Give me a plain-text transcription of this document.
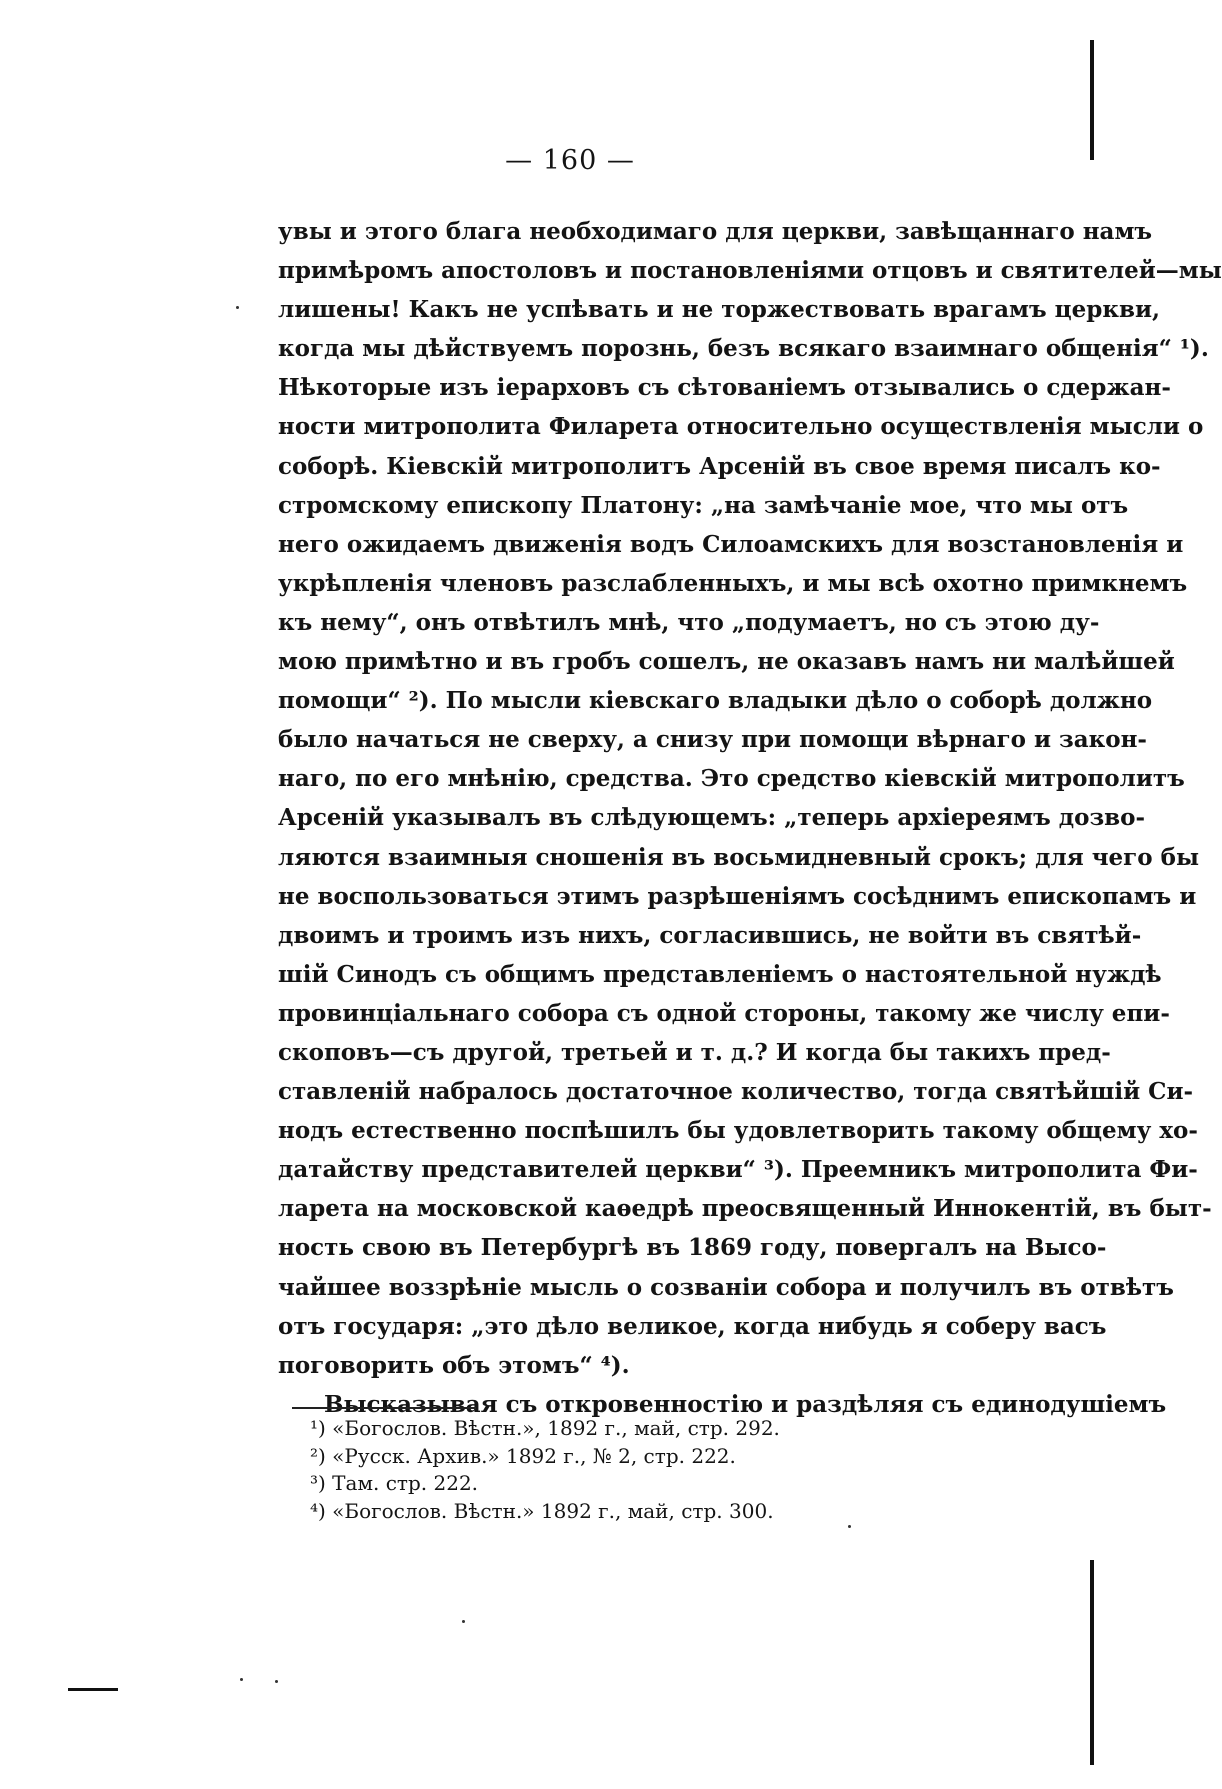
— 160 —
увы и этого блага необходимаго для церкви, завѣщаннаго намъ
примѣромъ апостоловъ и постановленіями отцовъ и святителей—мы
лишены! Какъ не успѣвать и не торжествовать врагамъ церкви,
когда мы дѣйствуемъ порознь, безъ всякаго взаимнаго общенія“ ¹).
Нѣкоторые изъ іерарховъ съ сѣтованіемъ отзывались о сдержан-
ности митрополита Филарета относительно осуществленія мысли о
соборѣ. Кіевскій митрополитъ Арсеній въ свое время писалъ ко-
стромскому епископу Платону: „на замѣчаніе мое, что мы отъ
него ожидаемъ движенія водъ Силоамскихъ для возстановленія и
укрѣпленія членовъ разслабленныхъ, и мы всѣ охотно примкнемъ
къ нему“, онъ отвѣтилъ мнѣ, что „подумаетъ, но съ этою ду-
мою примѣтно и въ гробъ сошелъ, не оказавъ намъ ни малѣйшей
помощи“ ²). По мысли кіевскаго владыки дѣло о соборѣ должно
было начаться не сверху, а снизу при помощи вѣрнаго и закон-
наго, по его мнѣнію, средства. Это средство кіевскій митрополитъ
Арсеній указывалъ въ слѣдующемъ: „теперь архіереямъ дозво-
ляются взаимныя сношенія въ восьмидневный срокъ; для чего бы
не воспользоваться этимъ разрѣшеніямъ сосѣднимъ епископамъ и
двоимъ и троимъ изъ нихъ, согласившись, не войти въ святѣй-
шій Синодъ съ общимъ представленіемъ о настоятельной нуждѣ
провинціальнаго собора съ одной стороны, такому же числу епи-
скоповъ—съ другой, третьей и т. д.? И когда бы такихъ пред-
ставленій набралось достаточное количество, тогда святѣйшій Си-
нодъ естественно поспѣшилъ бы удовлетворить такому общему хо-
датайству представителей церкви“ ³). Преемникъ митрополита Фи-
ларета на московской каѳедрѣ преосвященный Иннокентій, въ быт-
ность свою въ Петербургѣ въ 1869 году, повергалъ на Высо-
чайшее воззрѣніе мысль о созваніи собора и получилъ въ отвѣтъ
отъ государя: „это дѣло великое, когда нибудь я соберу васъ
поговорить объ этомъ“ ⁴).
Высказывая съ откровенностію и раздѣляя съ единодушіемъ
¹) «Богослов. Вѣстн.», 1892 г., май, стр. 292.
²) «Русск. Архив.» 1892 г., № 2, стр. 222.
³) Там. стр. 222.
⁴) «Богослов. Вѣстн.» 1892 г., май, стр. 300.
